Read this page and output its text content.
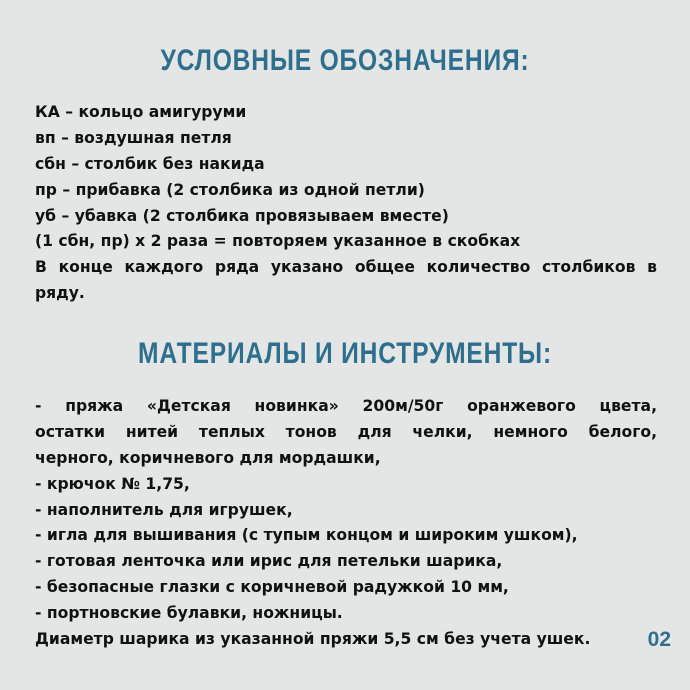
УСЛОВНЫЕ ОБОЗНАЧЕНИЯ:
КА – кольцо амигуруми
вп – воздушная петля
сбн – столбик без накида
пр – прибавка (2 столбика из одной петли)
уб – убавка (2 столбика провязываем вместе)
(1 сбн, пр) х 2 раза = повторяем указанное в скобках
В конце каждого ряда указано общее количество столбиков в
ряду.
МАТЕРИАЛЫ И ИНСТРУМЕНТЫ:
- пряжа «Детская новинка» 200м/50г оранжевого цвета,
остатки нитей теплых тонов для челки, немного белого,
черного, коричневого для мордашки,
- крючок № 1,75,
- наполнитель для игрушек,
- игла для вышивания (с тупым концом и широким ушком),
- готовая ленточка или ирис для петельки шарика,
- безопасные глазки с коричневой радужкой 10 мм,
- портновские булавки, ножницы.
Диаметр шарика из указанной пряжи 5,5 см без учета ушек.	02
